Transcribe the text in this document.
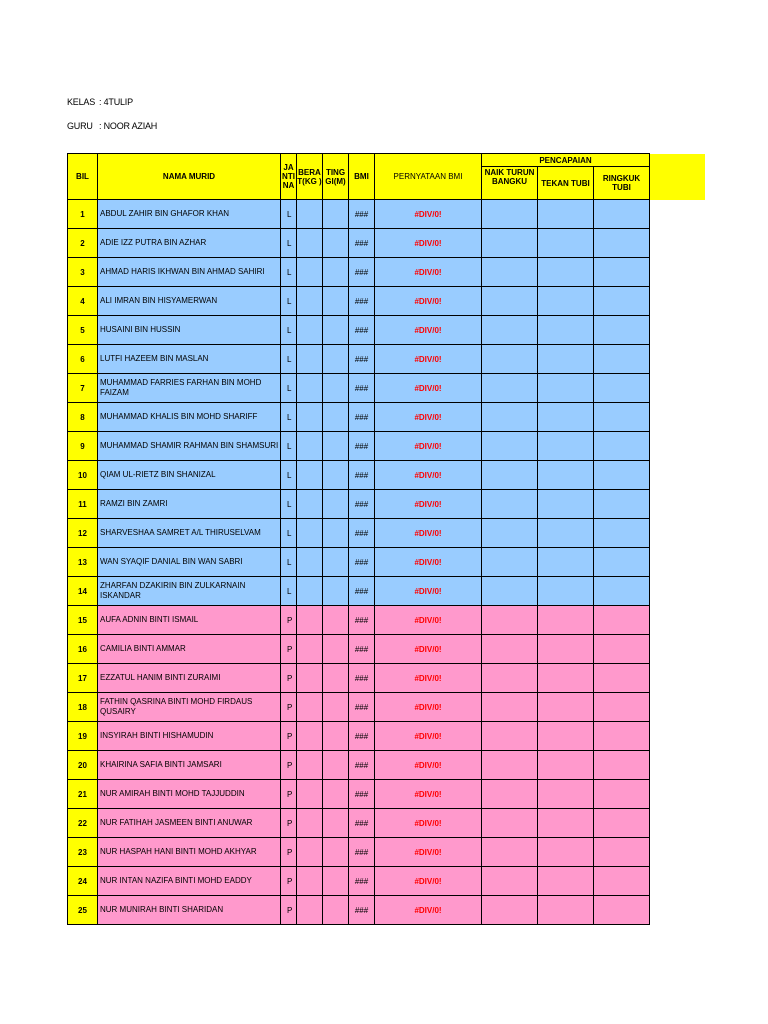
KELAS : 4TULIP
GURU : NOOR AZIAH
BIL	NAMA MURID	JA NTI NA	BERA T(KG )	TING GI(M)	BMI	PERNYATAAN BMI	PENCAPAIAN			

							NAIK TURUN BANGKU	TEKAN TUBI	RINGKUK TUBI	
1	ABDUL ZAHIR BIN GHAFOR KHAN	L			###	#DIV/0!				
2	ADIE IZZ PUTRA BIN AZHAR	L			###	#DIV/0!				
3	AHMAD HARIS IKHWAN BIN AHMAD SAHIRI	L			###	#DIV/0!				
4	ALI IMRAN BIN HISYAMERWAN	L			###	#DIV/0!				
5	HUSAINI BIN HUSSIN	L			###	#DIV/0!				
6	LUTFI HAZEEM BIN MASLAN	L			###	#DIV/0!				
7	MUHAMMAD FARRIES FARHAN BIN MOHD FAIZAM	L			###	#DIV/0!				
8	MUHAMMAD KHALIS BIN MOHD SHARIFF	L			###	#DIV/0!				
9	MUHAMMAD SHAMIR RAHMAN BIN SHAMSURI	L			###	#DIV/0!				
10	QIAM UL-RIETZ BIN SHANIZAL	L			###	#DIV/0!				
11	RAMZI BIN ZAMRI	L			###	#DIV/0!				
12	SHARVESHAA SAMRET A/L THIRUSELVAM	L			###	#DIV/0!				
13	WAN SYAQIF DANIAL BIN WAN SABRI	L			###	#DIV/0!				
14	ZHARFAN DZAKIRIN BIN ZULKARNAIN ISKANDAR	L			###	#DIV/0!				
15	AUFA ADNIN BINTI ISMAIL	P			###	#DIV/0!				
16	CAMILIA BINTI AMMAR	P			###	#DIV/0!				
17	EZZATUL HANIM BINTI ZURAIMI	P			###	#DIV/0!				
18	FATHIN QASRINA BINTI MOHD FIRDAUS QUSAIRY	P			###	#DIV/0!				
19	INSYIRAH BINTI HISHAMUDIN	P			###	#DIV/0!				
20	KHAIRINA SAFIA BINTI JAMSARI	P			###	#DIV/0!				
21	NUR AMIRAH BINTI MOHD TAJJUDDIN	P			###	#DIV/0!				
22	NUR FATIHAH JASMEEN BINTI ANUWAR	P			###	#DIV/0!				
23	NUR HASPAH HANI BINTI MOHD AKHYAR	P			###	#DIV/0!				
24	NUR INTAN NAZIFA BINTI MOHD EADDY	P			###	#DIV/0!				
25	NUR MUNIRAH BINTI SHARIDAN	P			###	#DIV/0!				
